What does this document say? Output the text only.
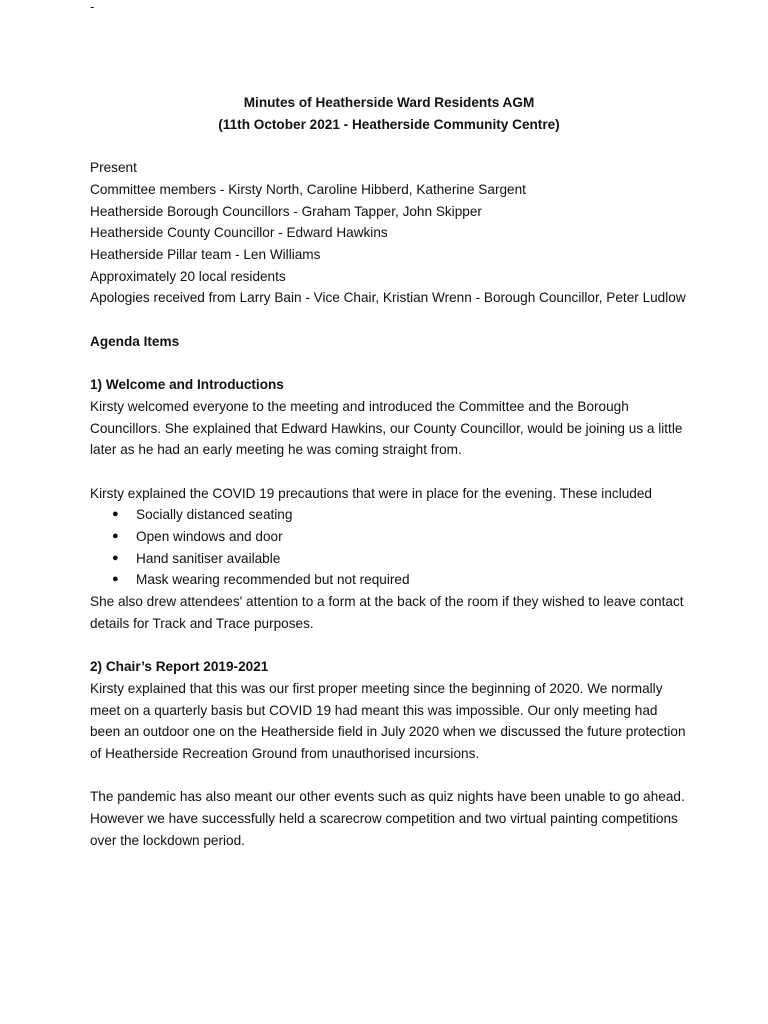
-
Minutes of Heatherside Ward Residents AGM
(11th October 2021 - Heatherside Community Centre)
Present
Committee members - Kirsty North, Caroline Hibberd, Katherine Sargent
Heatherside Borough Councillors - Graham Tapper, John Skipper
Heatherside County Councillor - Edward Hawkins
Heatherside Pillar team - Len Williams
Approximately 20 local residents
Apologies received from Larry Bain - Vice Chair, Kristian Wrenn - Borough Councillor, Peter Ludlow
Agenda Items
1) Welcome and Introductions
Kirsty welcomed everyone to the meeting and introduced the Committee and the Borough Councillors. She explained that Edward Hawkins, our County Councillor, would be joining us a little later as he had an early meeting he was coming straight from.
Kirsty explained the COVID 19 precautions that were in place for the evening. These included
● Socially distanced seating
● Open windows and door
● Hand sanitiser available
● Mask wearing recommended but not required
She also drew attendees' attention to a form at the back of the room if they wished to leave contact details for Track and Trace purposes.
2) Chair’s Report 2019-2021
Kirsty explained that this was our first proper meeting since the beginning of 2020. We normally meet on a quarterly basis but COVID 19 had meant this was impossible. Our only meeting had been an outdoor one on the Heatherside field in July 2020 when we discussed the future protection of Heatherside Recreation Ground from unauthorised incursions.
The pandemic has also meant our other events such as quiz nights have been unable to go ahead. However we have successfully held a scarecrow competition and two virtual painting competitions over the lockdown period.
